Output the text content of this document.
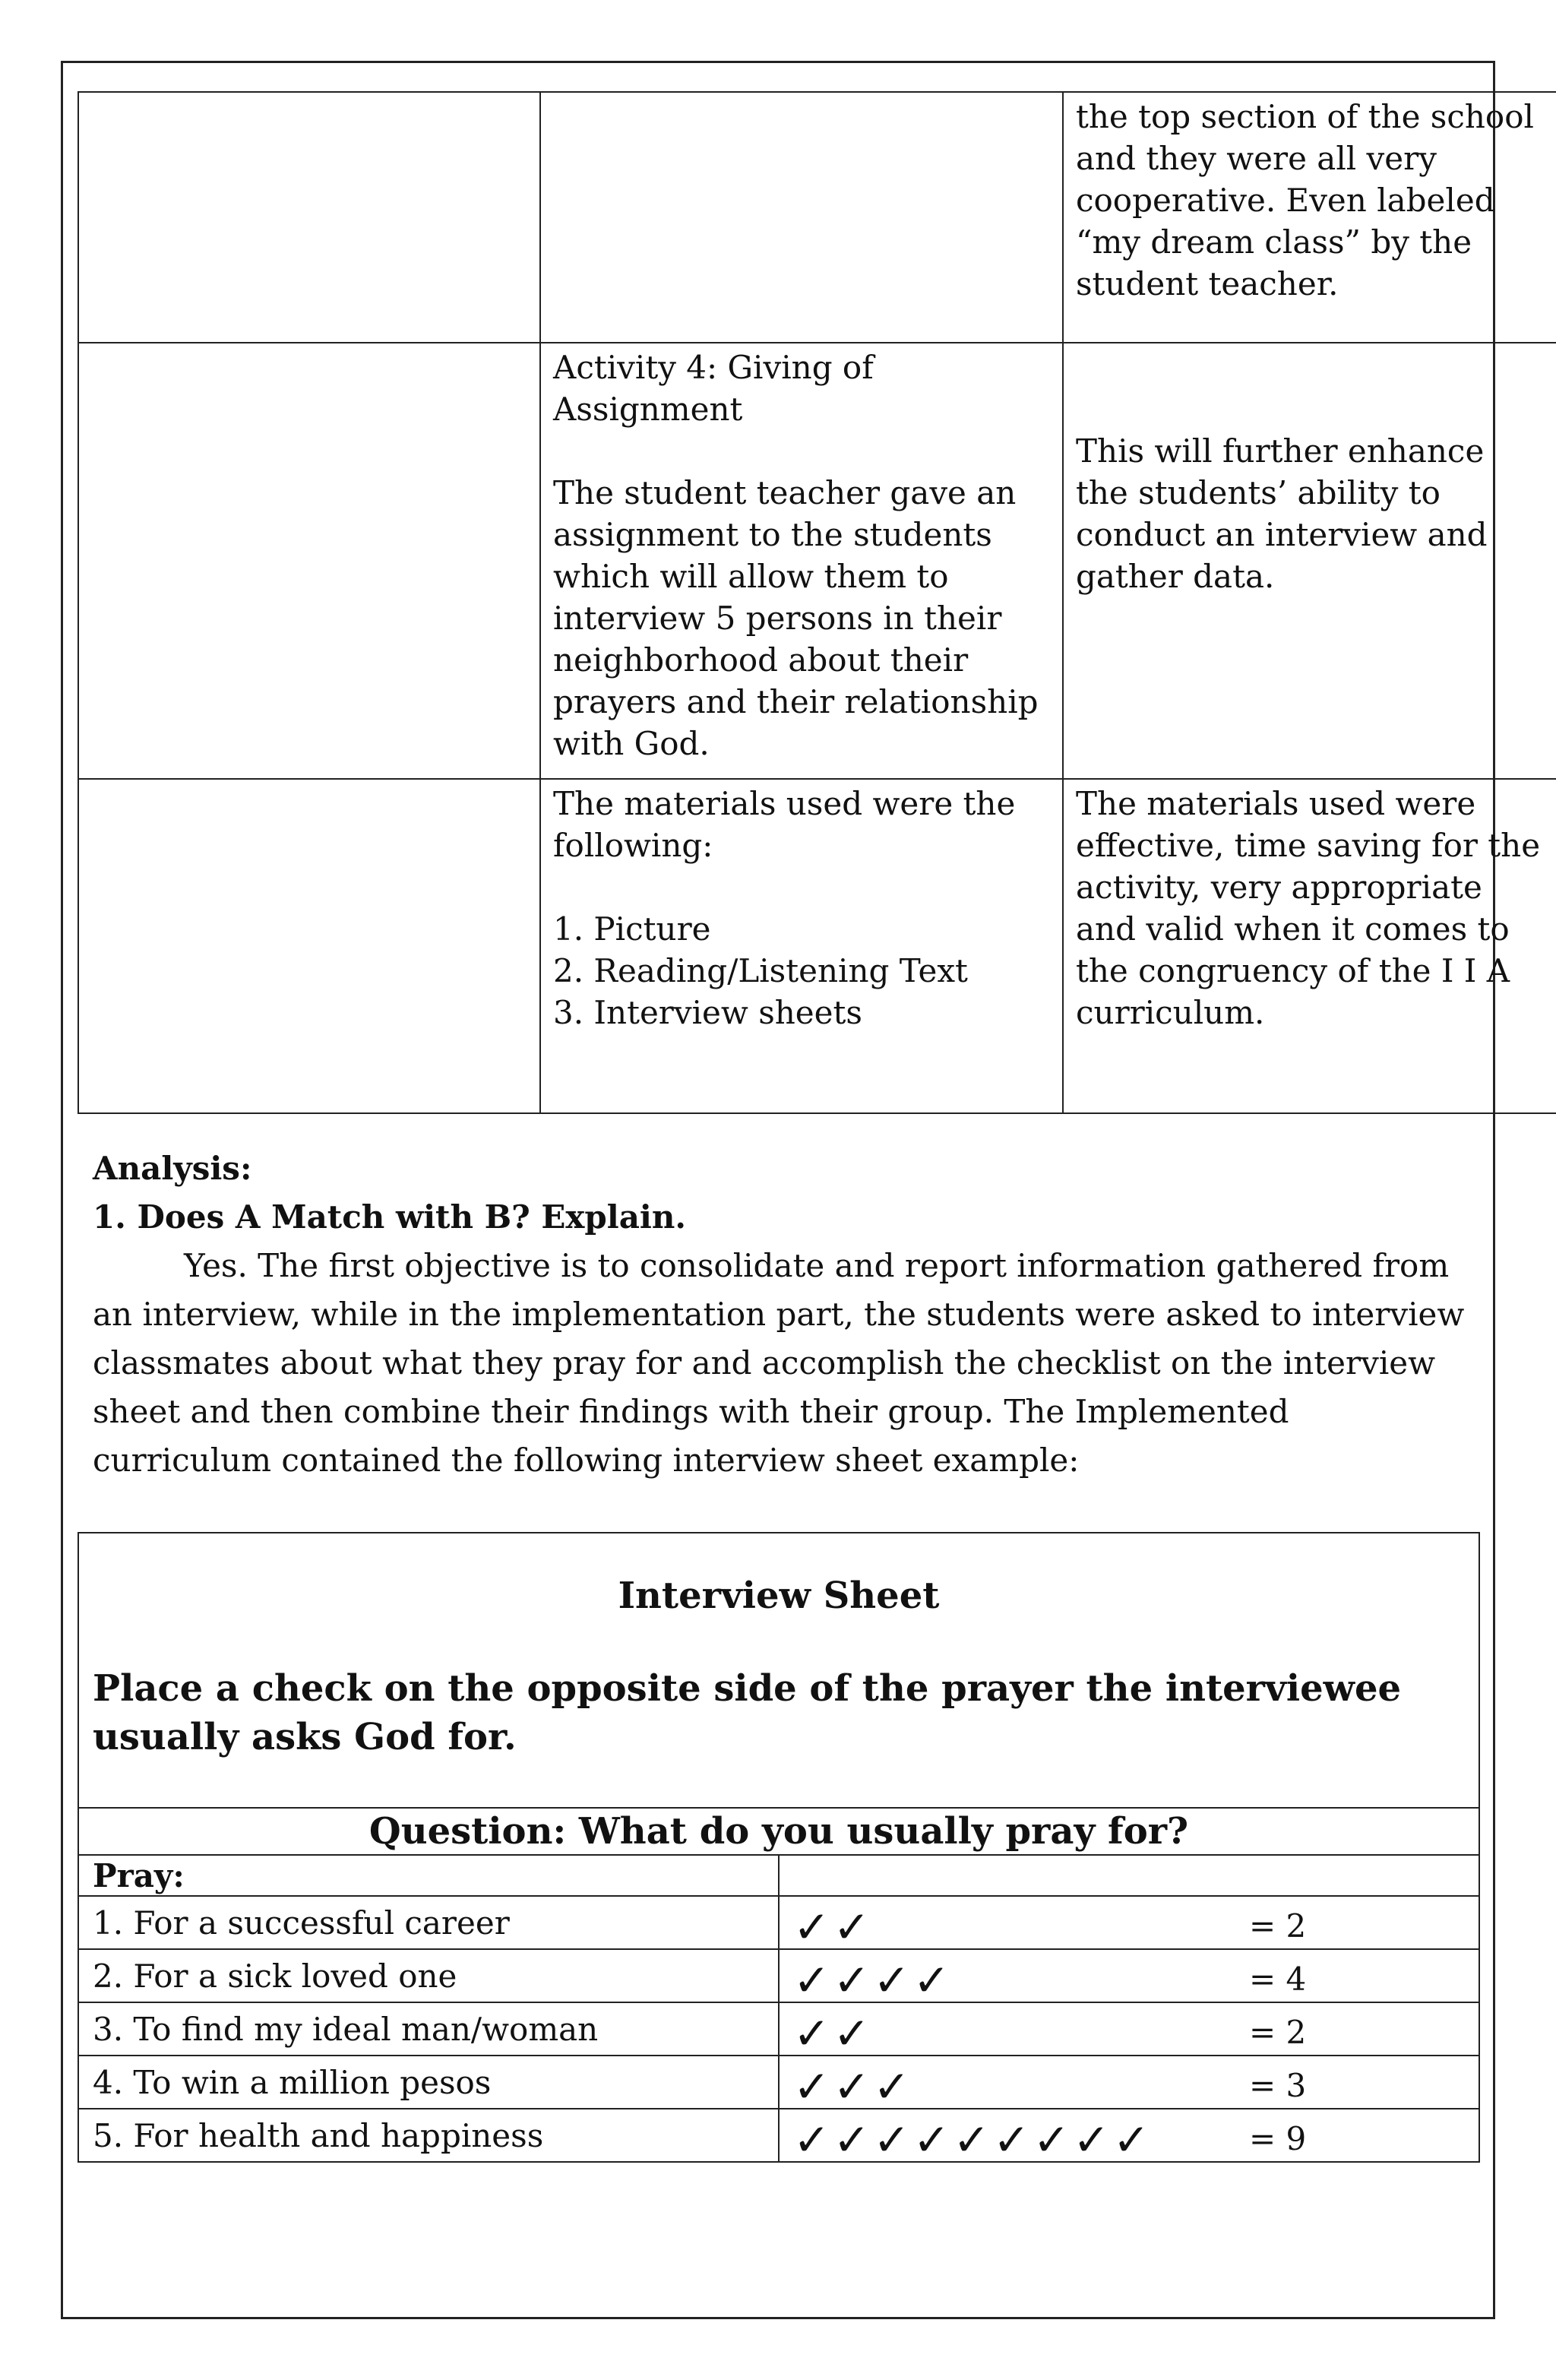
		the top section of the school and they were all very cooperative. Even labeled “my dream class” by the student teacher.

	Activity 4: Giving of Assignment
The student teacher gave an assignment to the students which will allow them to interview 5 persons in their neighborhood about their prayers and their relationship with God.	This will further enhance the students’ ability to conduct an interview and gather data.

	The materials used were the following:
1. Picture
2. Reading/Listening Text
3. Interview sheets	The materials used were effective, time saving for the activity, very appropriate and valid when it comes to the congruency of the I I A curriculum.
Analysis:
1. Does A Match with B? Explain.
Yes. The first objective is to consolidate and report information gathered from an interview, while in the implementation part, the students were asked to interview classmates about what they pray for and accomplish the checklist on the interview sheet and then combine their findings with their group. The Implemented curriculum contained the following interview sheet example:
Interview Sheet
Place a check on the opposite side of the prayer the interviewee usually asks God for.
Question: What do you usually pray for?	
Pray:	
1. For a successful career	✓✓ = 2

2. For a sick loved one	✓✓✓✓ = 4

3. To find my ideal man/woman	✓✓ = 2

4. To win a million pesos	✓✓✓ = 3

5. For health and happiness	✓✓✓✓✓✓✓✓✓ = 9
